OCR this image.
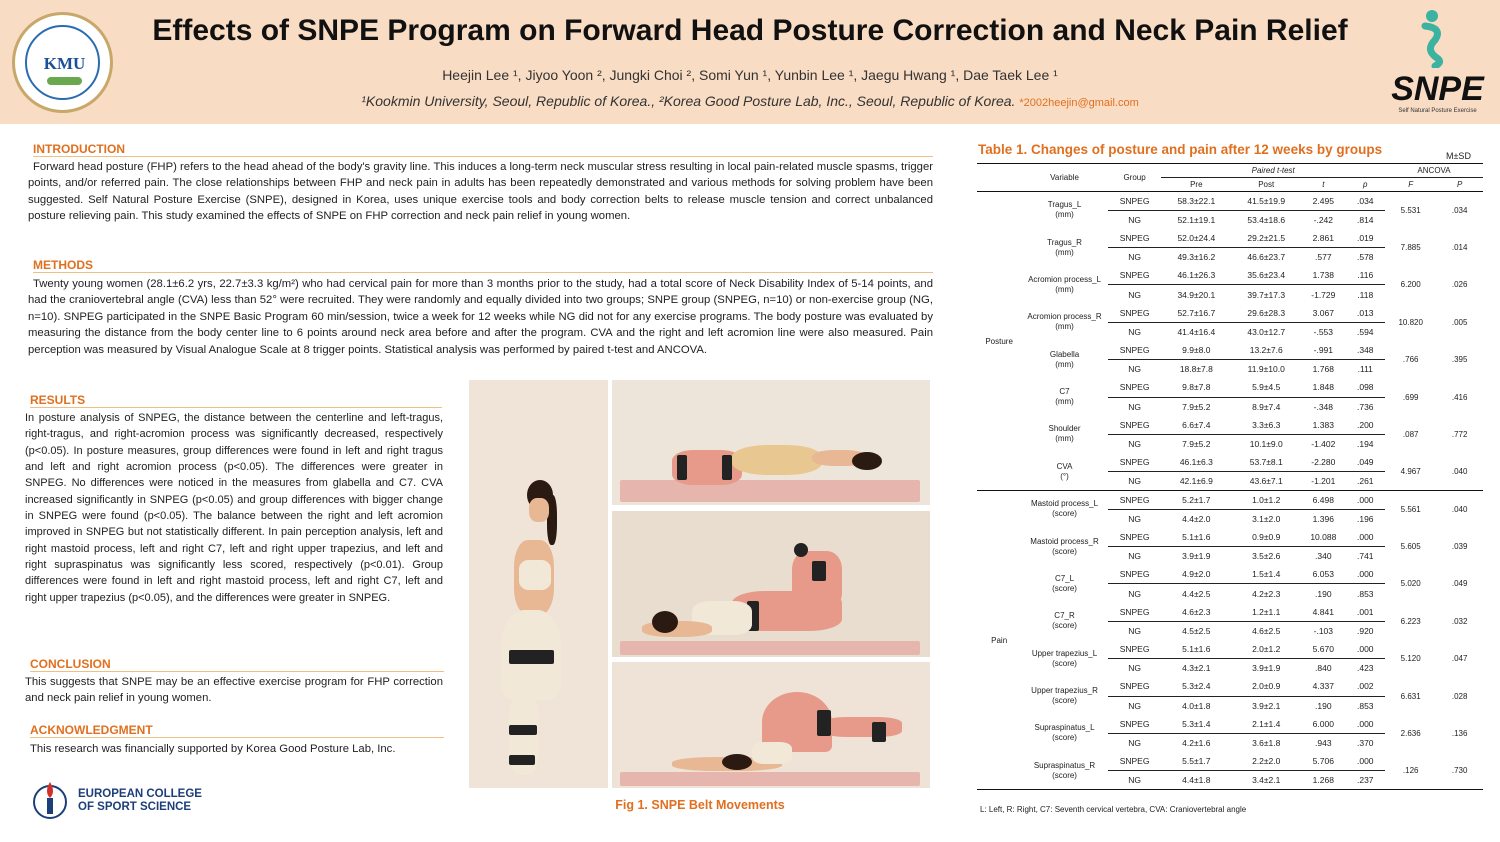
KMU
Effects of SNPE Program on Forward Head Posture Correction and Neck Pain Relief
Heejin Lee ¹, Jiyoo Yoon ², Jungki Choi ², Somi Yun ¹, Yunbin Lee ¹, Jaegu Hwang ¹, Dae Taek Lee ¹
¹Kookmin University, Seoul, Republic of Korea., ²Korea Good Posture Lab, Inc., Seoul, Republic of Korea. *2002heejin@gmail.com	SNPE
Self Natural Posture Exercise
INTRODUCTION
Forward head posture (FHP) refers to the head ahead of the body's gravity line. This induces a long-term neck muscular stress resulting in local pain-related muscle spasms, trigger points, and/or referred pain. The close relationships between FHP and neck pain in adults has been repeatedly demonstrated and various methods for solving problem have been suggested. Self Natural Posture Exercise (SNPE), designed in Korea, uses unique exercise tools and body correction belts to release muscle tension and correct unbalanced posture relieving pain. This study examined the effects of SNPE on FHP correction and neck pain relief in young women.
METHODS
Twenty young women (28.1±6.2 yrs, 22.7±3.3 kg/m²) who had cervical pain for more than 3 months prior to the study, had a total score of Neck Disability Index of 5-14 points, and had the craniovertebral angle (CVA) less than 52° were recruited. They were randomly and equally divided into two groups; SNPE group (SNPEG, n=10) or non-exercise group (NG, n=10). SNPEG participated in the SNPE Basic Program 60 min/session, twice a week for 12 weeks while NG did not for any exercise programs. The body posture was evaluated by measuring the distance from the body center line to 6 points around neck area before and after the program. CVA and the right and left acromion line were also measured. Pain perception was measured by Visual Analogue Scale at 8 trigger points. Statistical analysis was performed by paired t-test and ANCOVA.
RESULTS
In posture analysis of SNPEG, the distance between the centerline and left-tragus, right-tragus, and right-acromion process was significantly decreased, respectively (p<0.05). In posture measures, group differences were found in left and right tragus and left and right acromion process (p<0.05). The differences were greater in SNPEG. No differences were noticed in the measures from glabella and C7. CVA increased significantly in SNPEG (p<0.05) and group differences with bigger change in SNPEG were found (p<0.05). The balance between the right and left acromion improved in SNPEG but not statistically different. In pain perception analysis, left and right mastoid process, left and right C7, left and right upper trapezius, and left and right supraspinatus was significantly less scored, respectively (p<0.01). Group differences were found in left and right mastoid process, left and right C7, left and right upper trapezius (p<0.05), and the differences were greater in SNPEG.
CONCLUSION
This suggests that SNPE may be an effective exercise program for FHP correction and neck pain relief in young women.
ACKNOWLEDGMENT
This research was financially supported by Korea Good Posture Lab, Inc.
EUROPEAN COLLEGE
OF SPORT SCIENCE	Fig 1. SNPE Belt Movements
Table 1. Changes of posture and pain after 12 weeks by groups	M±SD
	Variable	Group	Paired t-test				ANCOVA	
			Pre	Post	t	p	F	P
Posture	Tragus_L
(mm)	SNPEG	58.3±22.1	41.5±19.9	2.495	.034	5.531	.034
		NG	52.1±19.1	53.4±18.6	-.242	.814		

	Tragus_R
(mm)	SNPEG	52.0±24.4	29.2±21.5	2.861	.019	7.885	.014
		NG	49.3±16.2	46.6±23.7	.577	.578		

	Acromion process_L
(mm)	SNPEG	46.1±26.3	35.6±23.4	1.738	.116	6.200	.026
		NG	34.9±20.1	39.7±17.3	-1.729	.118		

	Acromion process_R
(mm)	SNPEG	52.7±16.7	29.6±28.3	3.067	.013	10.820	.005
		NG	41.4±16.4	43.0±12.7	-.553	.594		

	Glabella
(mm)	SNPEG	9.9±8.0	13.2±7.6	-.991	.348	.766	.395
		NG	18.8±7.8	11.9±10.0	1.768	.111		

	C7
(mm)	SNPEG	9.8±7.8	5.9±4.5	1.848	.098	.699	.416
		NG	7.9±5.2	8.9±7.4	-.348	.736		

	Shoulder
(mm)	SNPEG	6.6±7.4	3.3±6.3	1.383	.200	.087	.772
		NG	7.9±5.2	10.1±9.0	-1.402	.194		

	CVA
(°)	SNPEG	46.1±6.3	53.7±8.1	-2.280	.049	4.967	.040
		NG	42.1±6.9	43.6±7.1	-1.201	.261		
Pain	Mastoid process_L
(score)	SNPEG	5.2±1.7	1.0±1.2	6.498	.000	5.561	.040
		NG	4.4±2.0	3.1±2.0	1.396	.196		

	Mastoid process_R
(score)	SNPEG	5.1±1.6	0.9±0.9	10.088	.000	5.605	.039
		NG	3.9±1.9	3.5±2.6	.340	.741		

	C7_L
(score)	SNPEG	4.9±2.0	1.5±1.4	6.053	.000	5.020	.049
		NG	4.4±2.5	4.2±2.3	.190	.853		

	C7_R
(score)	SNPEG	4.6±2.3	1.2±1.1	4.841	.001	6.223	.032
		NG	4.5±2.5	4.6±2.5	-.103	.920		

	Upper trapezius_L
(score)	SNPEG	5.1±1.6	2.0±1.2	5.670	.000	5.120	.047
		NG	4.3±2.1	3.9±1.9	.840	.423		

	Upper trapezius_R
(score)	SNPEG	5.3±2.4	2.0±0.9	4.337	.002	6.631	.028
		NG	4.0±1.8	3.9±2.1	.190	.853		

	Supraspinatus_L
(score)	SNPEG	5.3±1.4	2.1±1.4	6.000	.000	2.636	.136
		NG	4.2±1.6	3.6±1.8	.943	.370		

	Supraspinatus_R
(score)	SNPEG	5.5±1.7	2.2±2.0	5.706	.000	.126	.730
		NG	4.4±1.8	3.4±2.1	1.268	.237		
L: Left, R: Right, C7: Seventh cervical vertebra, CVA: Craniovertebral angle
